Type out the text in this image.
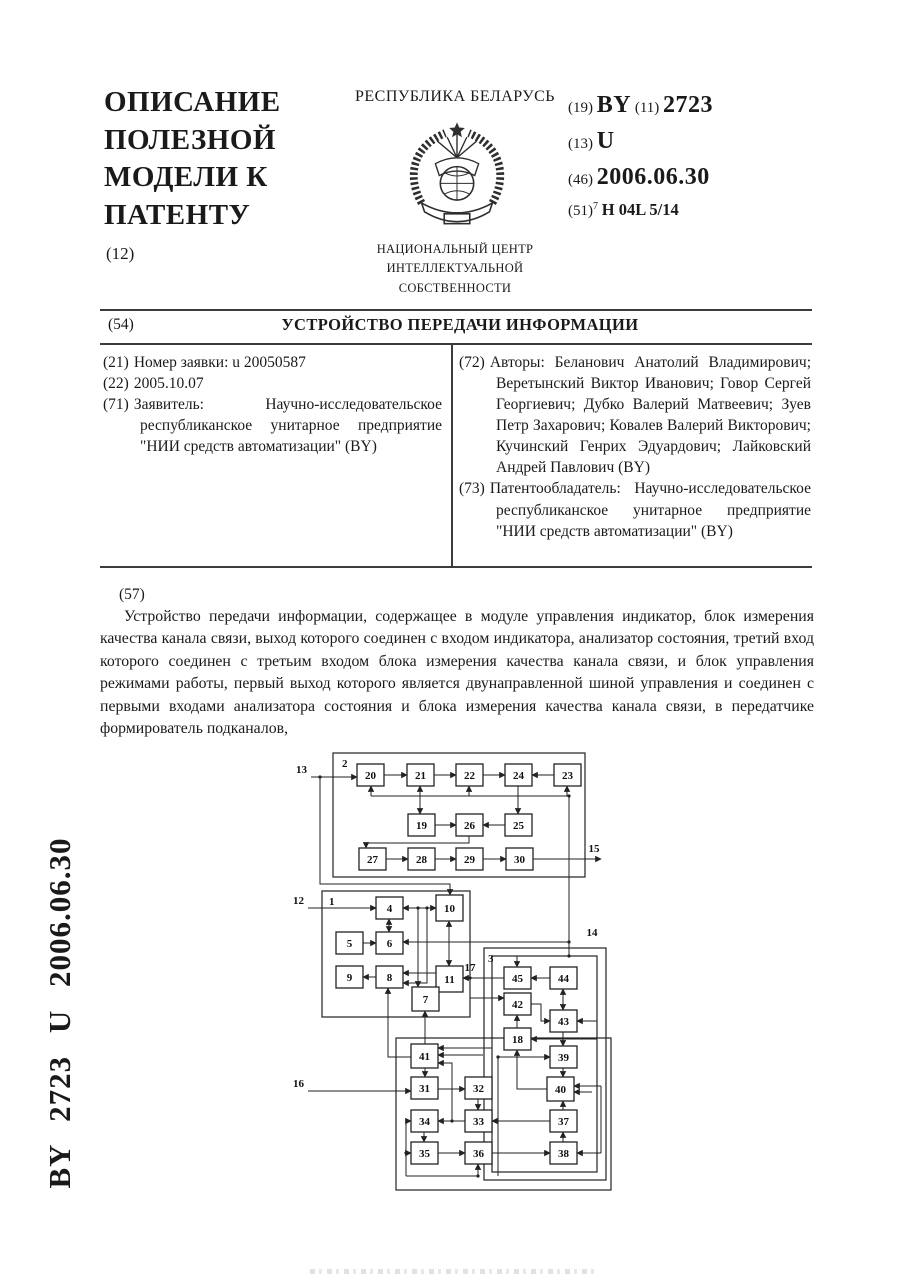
ОПИСАНИЕ
ПОЛЕЗНОЙ
МОДЕЛИ К
ПАТЕНТУ
(12)
РЕСПУБЛИКА БЕЛАРУСЬ
НАЦИОНАЛЬНЫЙ ЦЕНТР
ИНТЕЛЛЕКТУАЛЬНОЙ
СОБСТВЕННОСТИ
(19) BY (11) 2723
(13) U
(46) 2006.06.30
$(51)^7$ H 04L 5/14
(54)	УСТРОЙСТВО ПЕРЕДАЧИ ИНФОРМАЦИИ
(21) Номер заявки: u 20050587
(22) 2005.10.07
(71) Заявитель: Научно-исследовательское республиканское унитарное предприятие "НИИ средств автоматизации" (BY)
(72) Авторы: Беланович Анатолий Владимирович; Веретынский Виктор Иванович; Говор Сергей Георгиевич; Дубко Валерий Матвеевич; Зуев Петр Захарович; Ковалев Валерий Викторович; Кучинский Генрих Эдуардович; Лайковский Андрей Павлович (BY)
(73) Патентообладатель: Научно-исследовательское республиканское унитарное предприятие "НИИ средств автоматизации" (BY)
(57)
Устройство передачи информации, содержащее в модуле управления индикатор, блок измерения качества канала связи, выход которого соединен с входом индикатора, анализатор состояния, третий вход которого соединен с третьим входом блока измерения качества канала связи, и блок управления режимами работы, первый выход которого является двунаправленной шиной управления и соединен с первыми входами анализатора состояния и блока измерения качества канала связи, в передатчике формирователь подканалов,
BY 2723 U 2006.06.30
20	21	22	24	23
19	26	25
27	28	29	30
4	10
5	6
9	8	11
7
45	44
42
43
18
39
40
37
38
41
31	32
34	33
35	36
13
12
16
15
14
17
2
1
3
